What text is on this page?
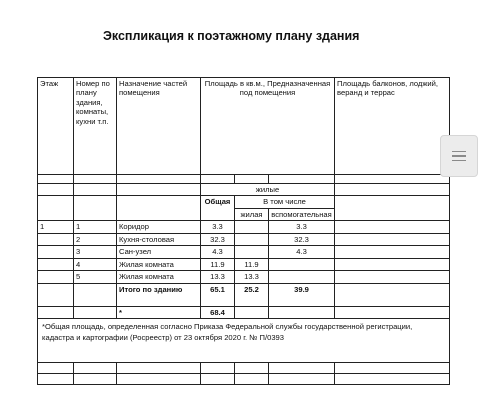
Экспликация к поэтажному плану здания
Этаж	Номер по плану здания, комнаты, кухни т.п.	Назначение частей помещения	Площадь в кв.м., Предназначенная под помещения			Площадь балконов, лоджий, веранд и террас

			жилые			
			Общая	В том числе		
				жилая	вспомогательная	
1	1	Коридор	3.3		3.3	
	2	Кухня-столовая	32.3		32.3	
	3	Сан-узел	4.3		4.3	
	4	Жилая комната	11.9	11.9		
	5	Жилая комната	13.3	13.3		
		Итого по зданию	65.1	25.2	39.9	
		*	68.4			
*Общая площадь, определенная согласно Приказа Федеральной службы государственной регистрации, кадастра и картографии (Росреестр) от 23 октября 2020 г. № П/0393						
